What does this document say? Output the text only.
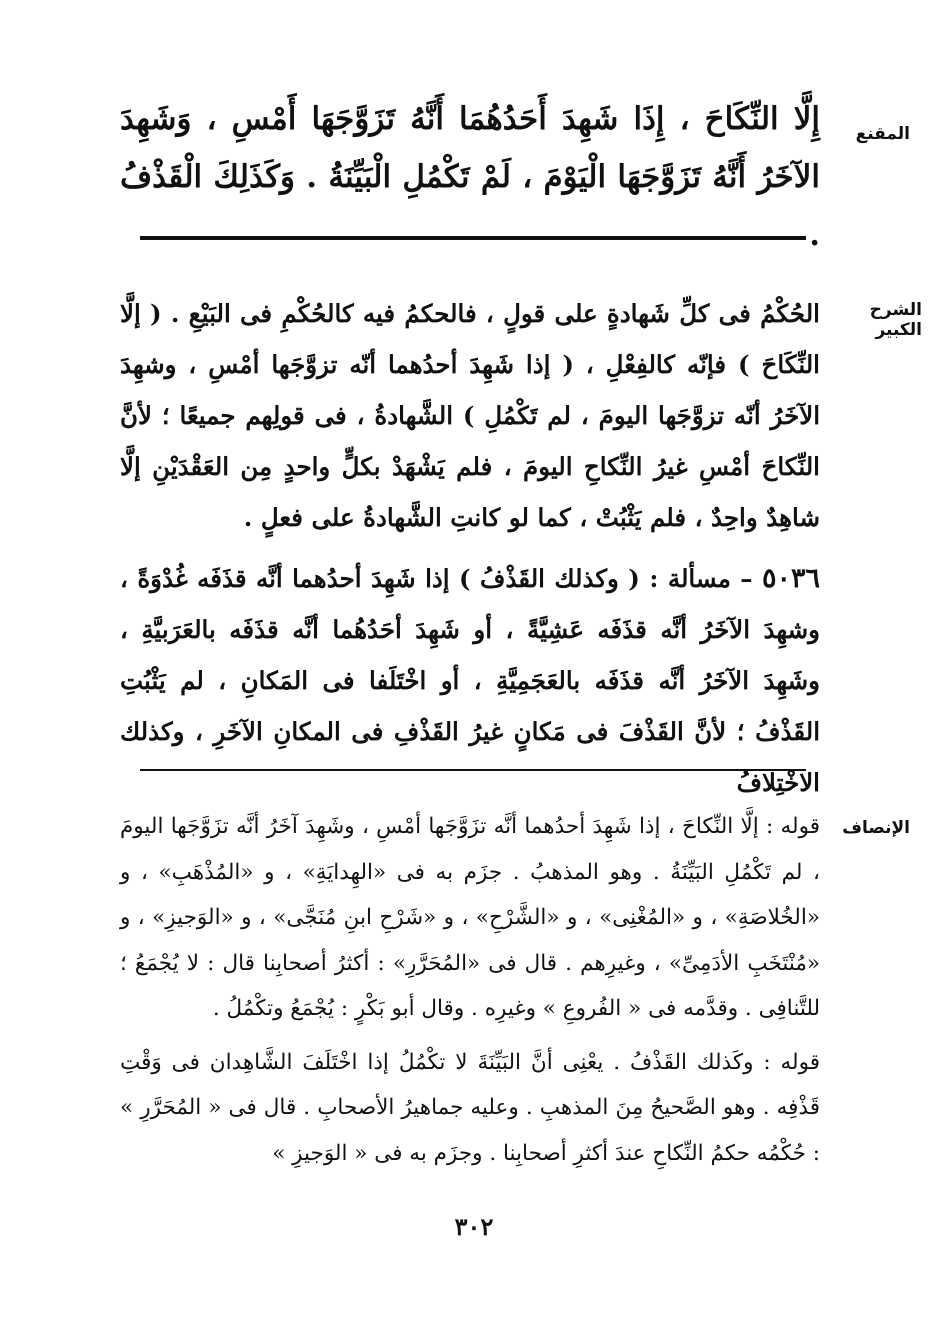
المقنع

إِلَّا النِّكَاحَ ، إِذَا شَهِدَ أَحَدُهُمَا أَنَّهُ تَزَوَّجَهَا أَمْسِ ، وَشَهِدَ الآخَرُ أَنَّهُ تَزَوَّجَهَا الْيَوْمَ ، لَمْ تَكْمُلِ الْبَيِّنَةُ . وَكَذَلِكَ الْقَذْفُ .

الشرح الكبير

الحُكْمُ فى كلِّ شَهادةٍ على قولٍ ، فالحكمُ فيه كالحُكْمِ فى البَيْعِ . ( إلَّا النِّكَاحَ ) فإنّه كالفِعْلِ ، ( إذا شَهِدَ أحدُهما أنّه تزوَّجَها أمْسِ ، وشهِدَ الآخَرُ أنّه تزوَّجَها اليومَ ، لم تَكْمُلِ ) الشَّهادةُ ، فى قولِهم جميعًا ؛ لأنَّ النِّكاحَ أمْسِ غيرُ النِّكاحِ اليومَ ، فلم يَشْهَدْ بكلٍّ واحدٍ مِن العَقْدَيْنِ إلَّا شاهِدٌ واحِدٌ ، فلم يَثْبُتْ ، كما لو كانتِ الشَّهادةُ على فعلٍ .

٥٠٣٦ – مسألة : ( وكذلك القَذْفُ ) إذا شَهِدَ أحدُهما أنَّه قذَفَه غُدْوَةً ، وشهِدَ الآخَرُ أنَّه قذَفَه عَشِيَّةً ، أو شَهِدَ أحَدُهُما أنَّه قذَفَه بالعَرَبيَّةِ ، وشَهِدَ الآخَرُ أنَّه قذَفَه بالعَجَمِيَّةِ ، أو اخْتَلَفا فى المَكانِ ، لم يَثْبُتِ القَذْفُ ؛ لأنَّ القَذْفَ فى مَكانٍ غيرُ القَذْفِ فى المكانِ الآخَرِ ، وكذلك الاخْتِلافُ

الإنصاف

قوله : إلَّا النِّكاحَ ، إذا شَهِدَ أحدُهما أنَّه تزَوَّجَها أمْسِ ، وشَهِدَ آخَرُ أنَّه تزَوَّجَها اليومَ ، لم تَكْمُلِ البَيِّنَةُ . وهو المذهبُ . جزَم به فى «الهِدايَةِ» ، و «المُذْهَبِ» ، و «الخُلاصَةِ» ، و «المُغْنِى» ، و «الشَّرْحِ» ، و «شَرْحِ ابنِ مُنَجَّى» ، و «الوَجيزِ» ، و «مُنْتَخَبِ الأدَمِىِّ» ، وغيرِهم . قال فى «المُحَرَّرِ» : أكثرُ أصحابِنا قال : لا يُجْمَعُ ؛ للتَّنافِى . وقدَّمه فى « الفُروعِ » وغيرِه . وقال أبو بَكْرٍ : يُجْمَعُ وتكْمُلُ .

قوله : وكَذلك القَذْفُ . يعْنِى أنَّ البَيِّنَةَ لا تكْمُلُ إذا اخْتَلَفَ الشَّاهِدان فى وَقْتِ قَذْفِه . وهو الصَّحيحُ مِنَ المذهبِ . وعليه جماهيرُ الأصحابِ . قال فى « المُحَرَّرِ » : حُكْمُه حكمُ النِّكاحِ عندَ أكثرِ أصحابِنا . وجزَم به فى « الوَجيزِ »

٣٠٢
